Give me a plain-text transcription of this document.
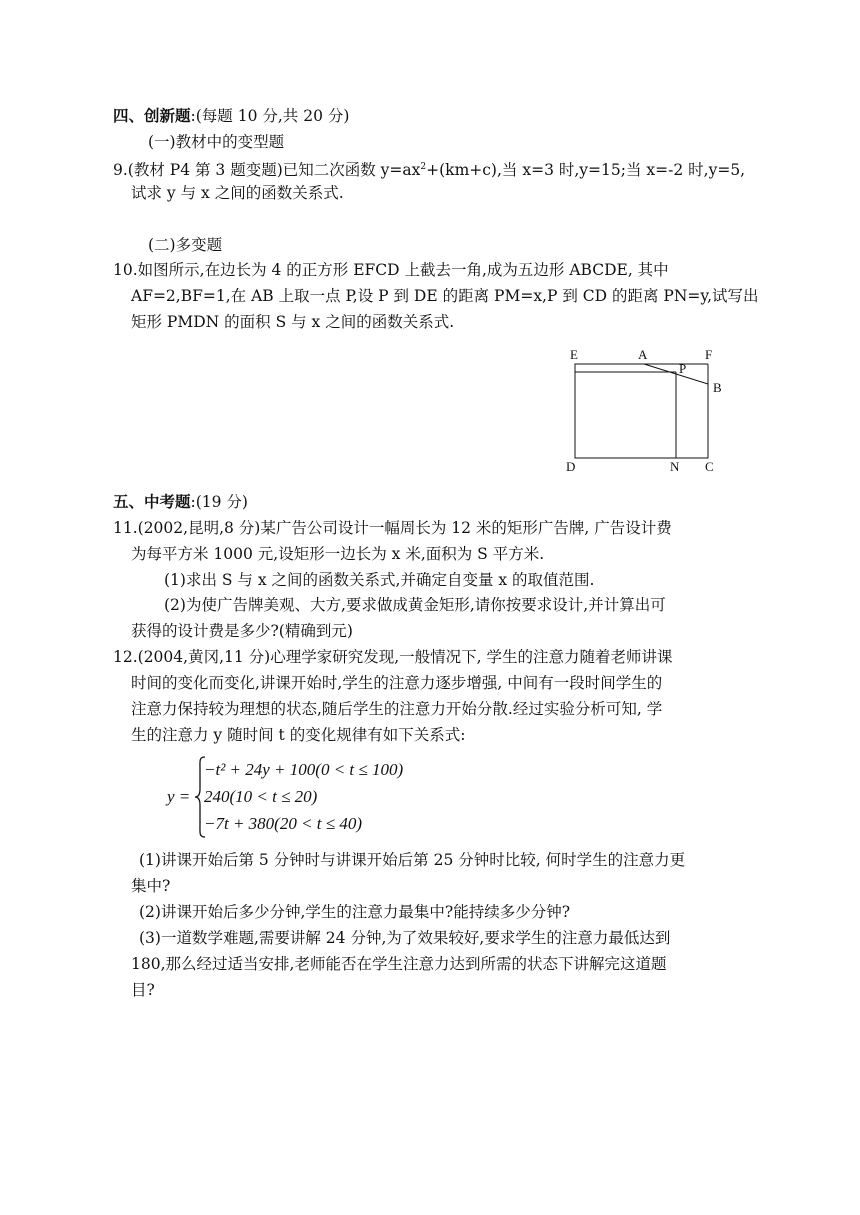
四、创新题:(每题 10 分,共 20 分)
(一)教材中的变型题
9.(教材 P4 第 3 题变题)已知二次函数 $y=ax^2+(km+c)$,当 x=3 时,y=15;当 x=-2 时,y=5,
试求 y 与 x 之间的函数关系式.
(二)多变题
10.如图所示,在边长为 4 的正方形 EFCD 上截去一角,成为五边形 ABCDE, 其中
AF=2,BF=1,在 AB 上取一点 P,设 P 到 DE 的距离 PM=x,P 到 CD 的距离 PN=y,试写出
矩形 PMDN 的面积 S 与 x 之间的函数关系式.
E	A	F
P
B
D	N C
五、中考题:(19 分)
11.(2002,昆明,8 分)某广告公司设计一幅周长为 12 米的矩形广告牌, 广告设计费
为每平方米 1000 元,设矩形一边长为 x 米,面积为 S 平方米.
(1)求出 S 与 x 之间的函数关系式,并确定自变量 x 的取值范围.
(2)为使广告牌美观、大方,要求做成黄金矩形,请你按要求设计,并计算出可
获得的设计费是多少?(精确到元)
12.(2004,黄冈,11 分)心理学家研究发现,一般情况下, 学生的注意力随着老师讲课
时间的变化而变化,讲课开始时,学生的注意力逐步增强, 中间有一段时间学生的
注意力保持较为理想的状态,随后学生的注意力开始分散.经过实验分析可知, 学
生的注意力 y 随时间 t 的变化规律有如下关系式:
y =
−t² + 24y + 100(0 < t ≤ 100)
240(10 < t ≤ 20)
−7t + 380(20 < t ≤ 40)
(1)讲课开始后第 5 分钟时与讲课开始后第 25 分钟时比较, 何时学生的注意力更
集中?
(2)讲课开始后多少分钟,学生的注意力最集中?能持续多少分钟?
(3)一道数学难题,需要讲解 24 分钟,为了效果较好,要求学生的注意力最低达到
180,那么经过适当安排,老师能否在学生注意力达到所需的状态下讲解完这道题
目?
